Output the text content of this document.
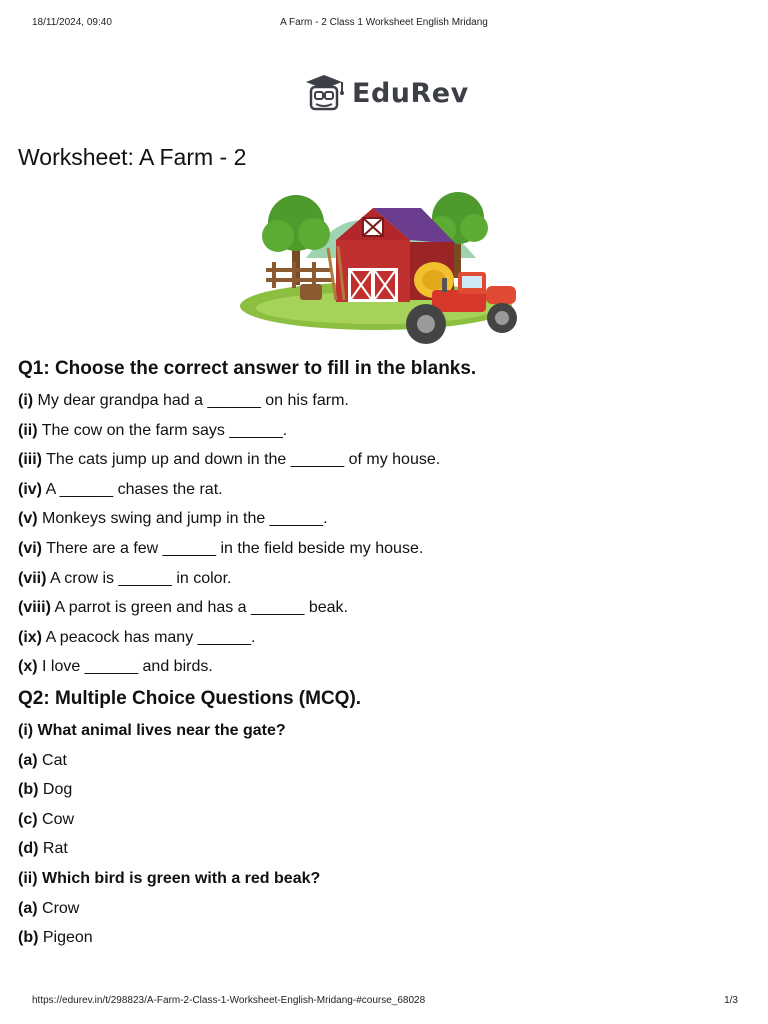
18/11/2024, 09:40	A Farm - 2 Class 1 Worksheet English Mridang
EduRev
Worksheet: A Farm - 2
Q1: Choose the correct answer to fill in the blanks.
(i) My dear grandpa had a ______ on his farm.
(ii) The cow on the farm says ______.
(iii) The cats jump up and down in the ______ of my house.
(iv) A ______ chases the rat.
(v) Monkeys swing and jump in the ______.
(vi) There are a few ______ in the field beside my house.
(vii) A crow is ______ in color.
(viii) A parrot is green and has a ______ beak.
(ix) A peacock has many ______.
(x) I love ______ and birds.
Q2: Multiple Choice Questions (MCQ).
(i) What animal lives near the gate?
(a) Cat
(b) Dog
(c) Cow
(d) Rat
(ii) Which bird is green with a red beak?
(a) Crow
(b) Pigeon
https://edurev.in/t/298823/A-Farm-2-Class-1-Worksheet-English-Mridang-#course_68028	1/3
